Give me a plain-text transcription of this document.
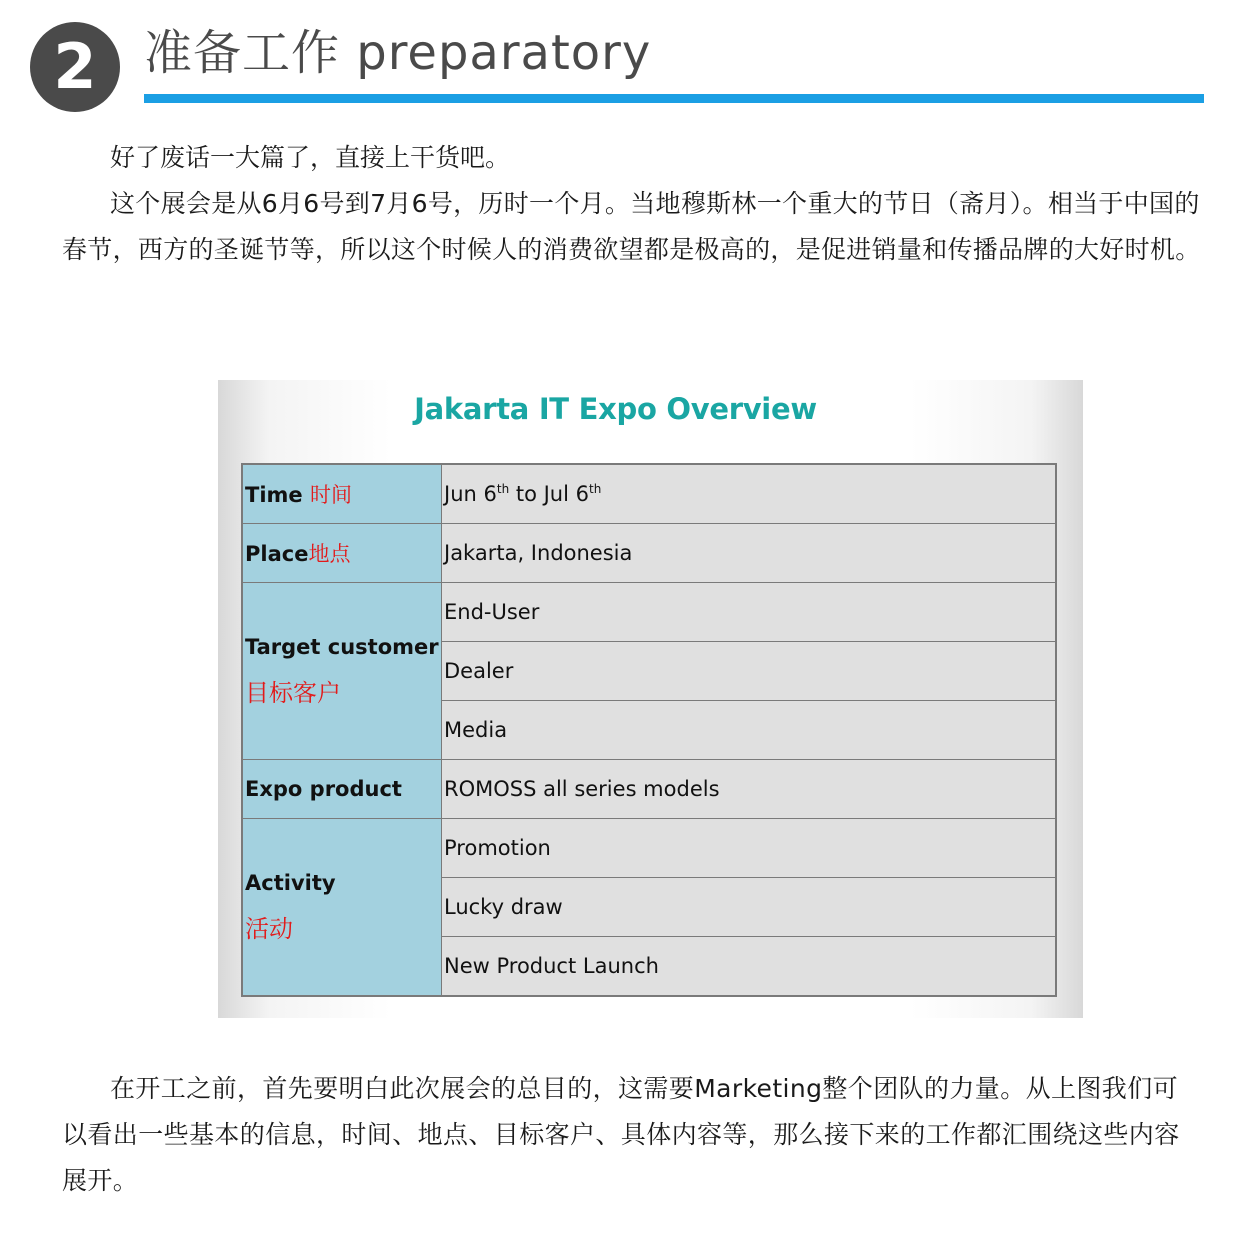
2 准备工作 preparatory

好了废话一大篇了，直接上干货吧。

这个展会是从6月6号到7月6号，历时一个月。当地穆斯林一个重大的节日（斋月）。相当于中国的春节，西方的圣诞节等，所以这个时候人的消费欲望都是极高的，是促进销量和传播品牌的大好时机。

Jakarta IT Expo Overview
Time 时间	Jun 6th to Jul 6th
Place地点	Jakarta, Indonesia
Target customer
目标客户	End-User
	Dealer
	Media
Expo product	ROMOSS all series models
Activity
活动	Promotion
	Lucky draw
	New Product Launch

在开工之前，首先要明白此次展会的总目的，这需要Marketing整个团队的力量。从上图我们可以看出一些基本的信息，时间、地点、目标客户、具体内容等，那么接下来的工作都汇围绕这些内容展开。
